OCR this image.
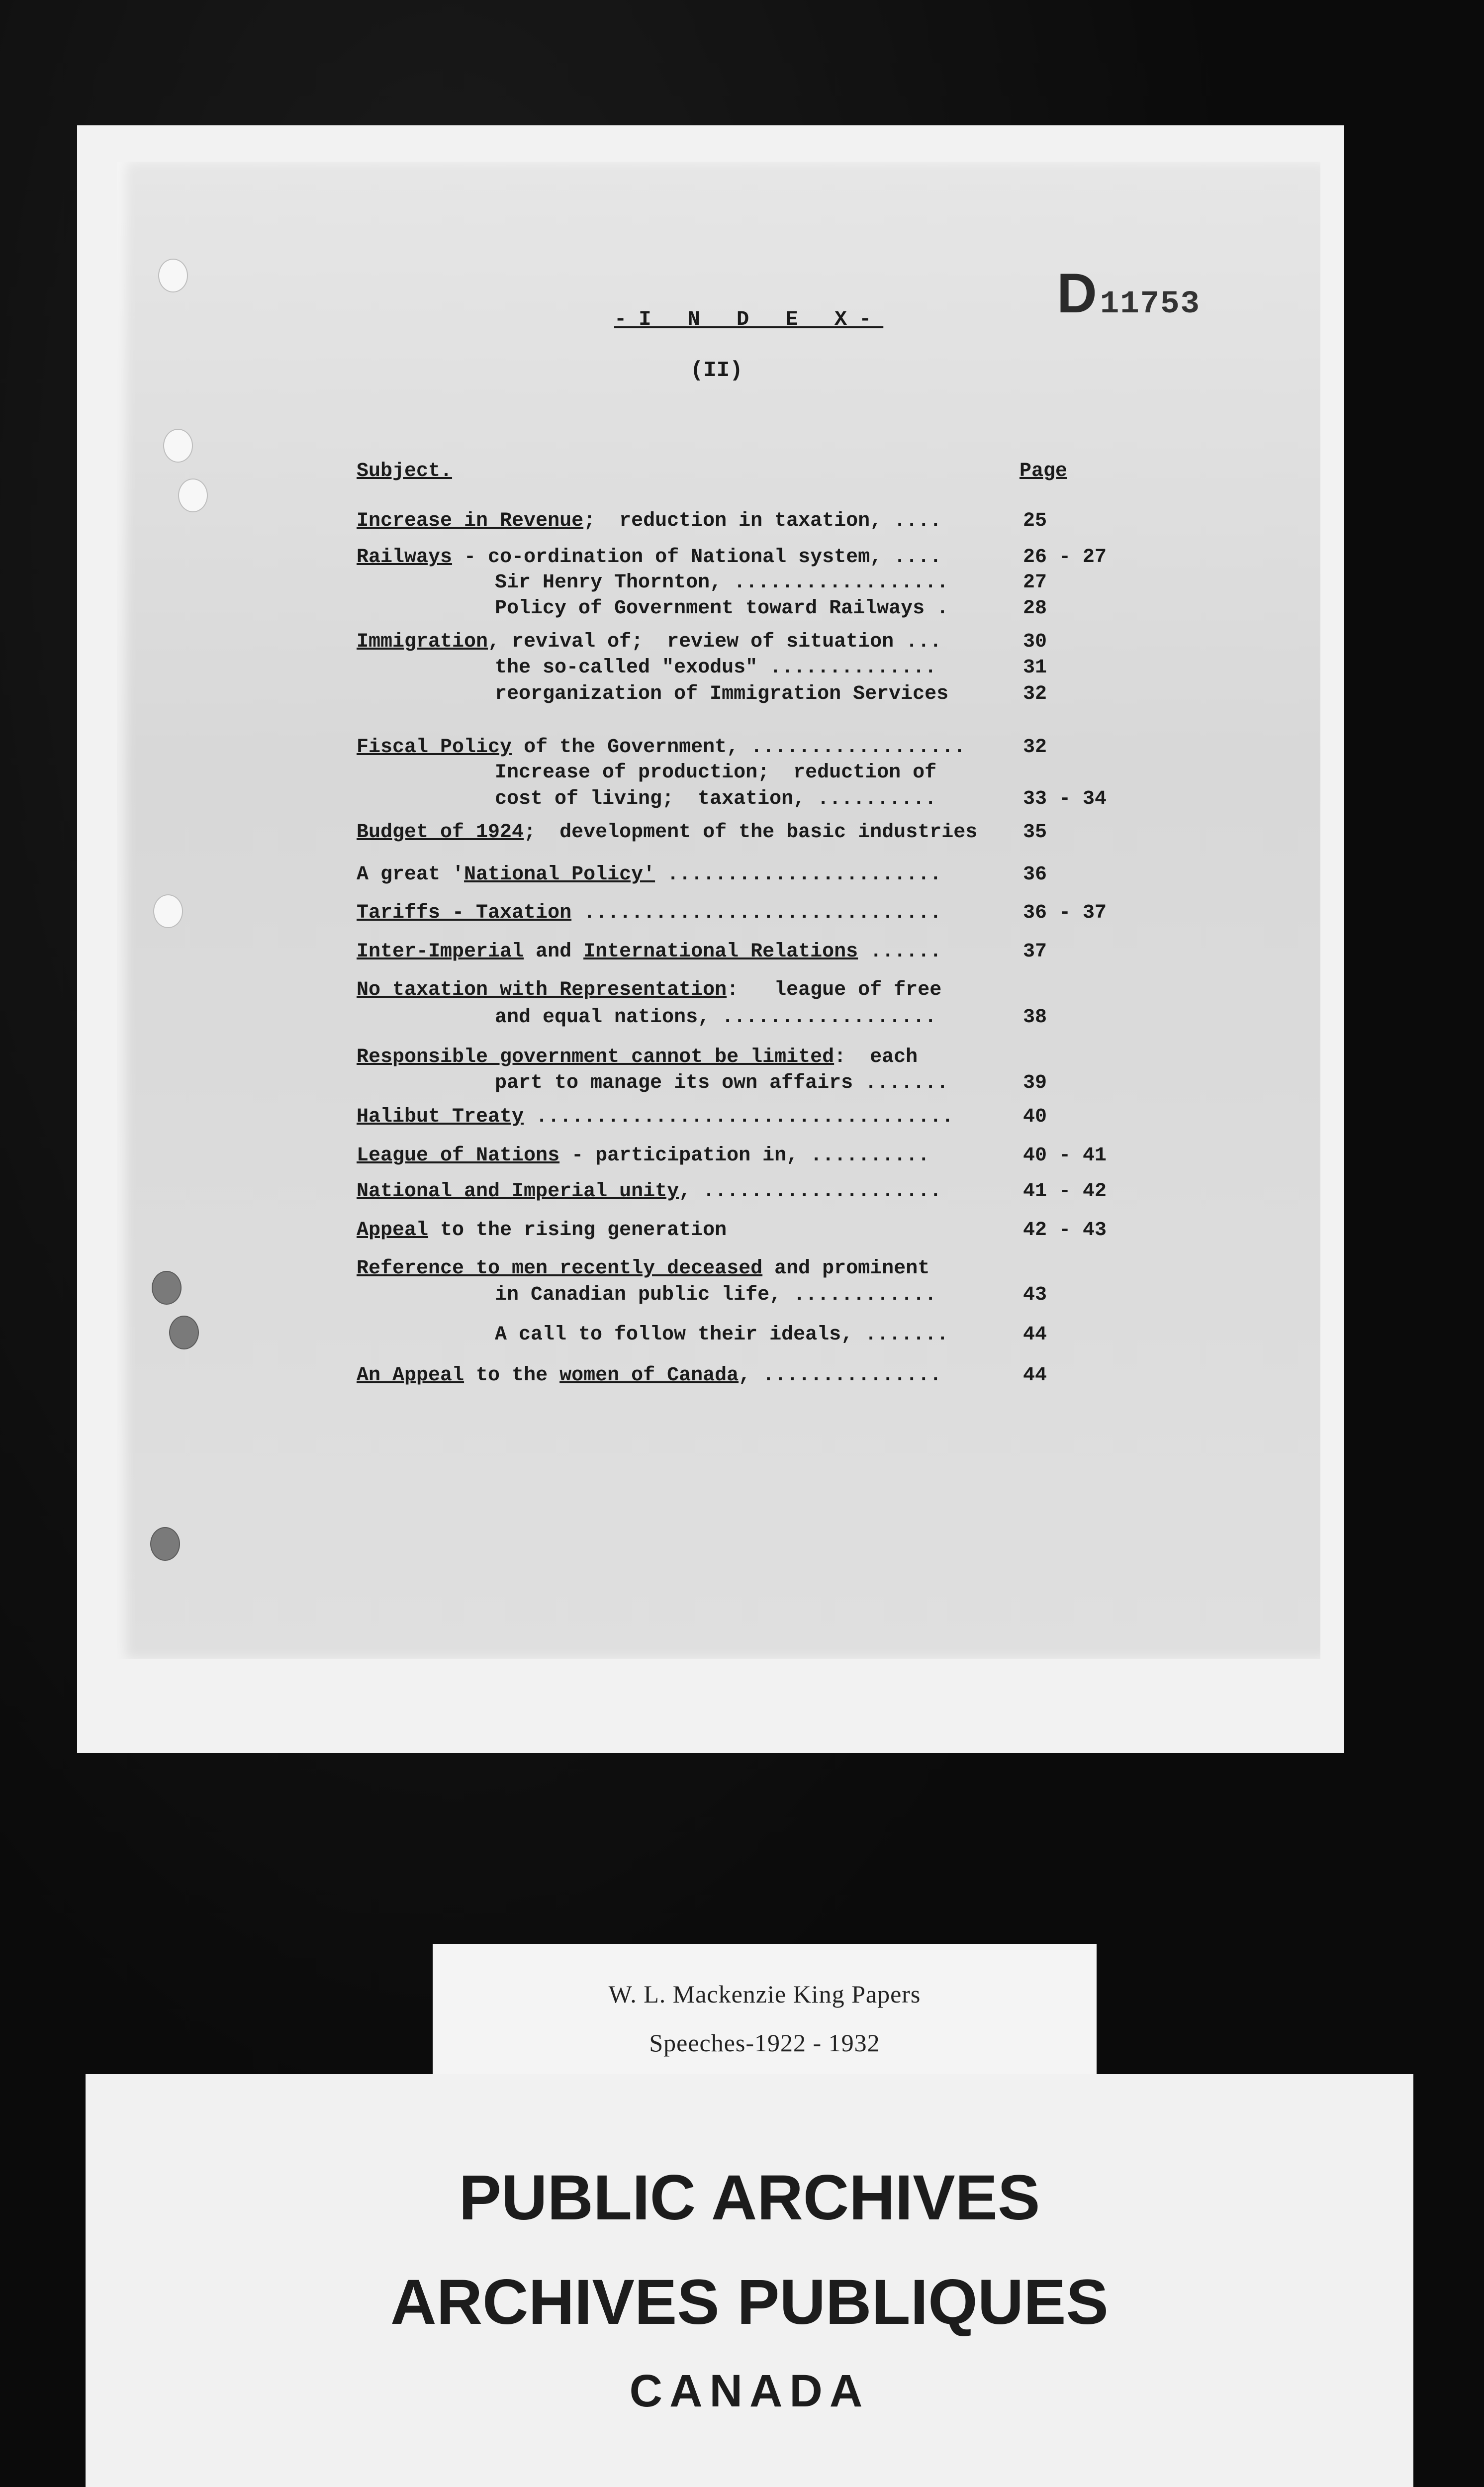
-I N D E X-
(II)
D11753
Subject.	Page
Increase in Revenue;  reduction in taxation, ....	25
Railways - co-ordination of National system, ....	26 - 27
Sir Henry Thornton, ..................	27
Policy of Government toward Railways .	28
Immigration, revival of;  review of situation ...	30
the so-called "exodus" ..............	31
reorganization of Immigration Services	32
Fiscal Policy of the Government, ..................	32
Increase of production;  reduction of
cost of living;  taxation, ..........	33 - 34
Budget of 1924;  development of the basic industries 35
A great 'National Policy' .......................	36
Tariffs - Taxation ..............................	36 - 37
Inter-Imperial and International Relations ......	37
No taxation with Representation:   league of free
and equal nations, ..................	38
Responsible government cannot be limited:  each
part to manage its own affairs .......	39
Halibut Treaty ...................................	40
League of Nations - participation in, ..........	40 - 41
National and Imperial unity, ....................	41 - 42
Appeal to the rising generation	42 - 43
Reference to men recently deceased and prominent
in Canadian public life, ............	43
A call to follow their ideals, .......	44
An Appeal to the women of Canada, ...............	44
W. L. Mackenzie King Papers
Speeches-1922 - 1932
PUBLIC ARCHIVES
ARCHIVES PUBLIQUES
CANADA
